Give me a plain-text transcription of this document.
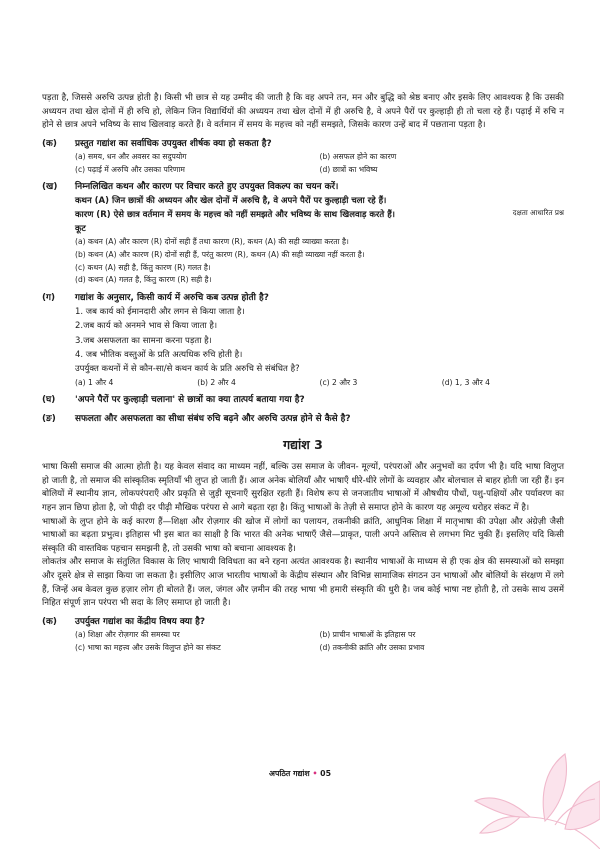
पड़ता है, जिससे अरुचि उत्पन्न होती है। किसी भी छात्र से यह उम्मीद की जाती है कि वह अपने तन, मन और बुद्धि को श्रेष्ठ बनाए और इसके लिए आवश्यक है कि उसकी अध्ययन तथा खेल दोनों में ही रुचि हो, लेकिन जिन विद्यार्थियों की अध्ययन तथा खेल दोनों में ही अरुचि है, वे अपने पैरों पर कुल्हाड़ी ही तो चला रहे हैं। पढ़ाई में रुचि न होने से छात्र अपने भविष्य के साथ खिलवाड़ करते हैं। वे वर्तमान में समय के महत्त्व को नहीं समझते, जिसके कारण उन्हें बाद में पछताना पड़ता है।

(क)	प्रस्तुत गद्यांश का सर्वाधिक उपयुक्त शीर्षक क्या हो सकता है?
(a) समय, धन और अवसर का सदुपयोग	(b) असफल होने का कारण
(c) पढ़ाई में अरुचि और उसका परिणाम	(d) छात्रों का भविष्य
(ख)	निम्नलिखित कथन और कारण पर विचार करते हुए उपयुक्त विकल्प का चयन करें।

कथन (A) जिन छात्रों की अध्ययन और खेल दोनों में अरुचि है, वे अपने पैरों पर कुल्हाड़ी चला रहे हैं।

कारण (R) ऐसे छात्र वर्तमान में समय के महत्त्व को नहीं समझते और भविष्य के साथ खिलवाड़ करते हैं।	दक्षता आधारित प्रश्न

कूट

(a) कथन (A) और कारण (R) दोनों सही हैं तथा कारण (R), कथन (A) की सही व्याख्या करता है।

(b) कथन (A) और कारण (R) दोनों सही हैं, परंतु कारण (R), कथन (A) की सही व्याख्या नहीं करता है।

(c) कथन (A) सही है, किंतु कारण (R) गलत है।

(d) कथन (A) गलत है, किंतु कारण (R) सही है।

(ग)	गद्यांश के अनुसार, किसी कार्य में अरुचि कब उत्पन्न होती है?

1. जब कार्य को ईमानदारी और लगन से किया जाता है।

2.जब कार्य को अनमने भाव से किया जाता है।

3.जब असफलता का सामना करना पड़ता है।

4. जब भौतिक वस्तुओं के प्रति अत्यधिक रुचि होती है।

उपर्युक्त कथनों में से कौन-सा/से कथन कार्य के प्रति अरुचि से संबंधित है?

(a) 1 और 4	(b) 2 और 4	(c) 2 और 3	(d) 1, 3 और 4
(घ)	'अपने पैरों पर कुल्हाड़ी चलाना' से छात्रों का क्या तात्पर्य बताया गया है?
(ङ)	सफलता और असफलता का सीधा संबंध रुचि बढ़ने और अरुचि उत्पन्न होने से कैसे है?
गद्यांश 3

भाषा किसी समाज की आत्मा होती है। यह केवल संवाद का माध्यम नहीं, बल्कि उस समाज के जीवन- मूल्यों, परंपराओं और अनुभवों का दर्पण भी है। यदि भाषा विलुप्त हो जाती है, तो समाज की सांस्कृतिक स्मृतियाँ भी लुप्त हो जाती हैं। आज अनेक बोलियाँ और भाषाएँ धीरे-धीरे लोगों के व्यवहार और बोलचाल से बाहर होती जा रही हैं। इन बोलियों में स्थानीय ज्ञान, लोकपरंपराएँ और प्रकृति से जुड़ी सूचनाएँ सुरक्षित रहती हैं। विशेष रूप से जनजातीय भाषाओं में औषधीय पौधों, पशु-पक्षियों और पर्यावरण का गहन ज्ञान छिपा होता है, जो पीढ़ी दर पीढ़ी मौखिक परंपरा से आगे बढ़ता रहा है। किंतु भाषाओं के तेज़ी से समाप्त होने के कारण यह अमूल्य धरोहर संकट में है।

भाषाओं के लुप्त होने के कई कारण हैं—शिक्षा और रोज़गार की खोज में लोगों का पलायन, तकनीकी क्रांति, आधुनिक शिक्षा में मातृभाषा की उपेक्षा और अंग्रेज़ी जैसी भाषाओं का बढ़ता प्रभुत्व। इतिहास भी इस बात का साक्षी है कि भारत की अनेक भाषाएँ जैसे—प्राकृत, पाली अपने अस्तित्व से लगभग मिट चुकी हैं। इसलिए यदि किसी संस्कृति की वास्तविक पहचान समझनी है, तो उसकी भाषा को बचाना आवश्यक है।

लोकतंत्र और समाज के संतुलित विकास के लिए भाषायी विविधता का बने रहना अत्यंत आवश्यक है। स्थानीय भाषाओं के माध्यम से ही एक क्षेत्र की समस्याओं को समझा और दूसरे क्षेत्र से साझा किया जा सकता है। इसीलिए आज भारतीय भाषाओं के केंद्रीय संस्थान और विभिन्न सामाजिक संगठन उन भाषाओं और बोलियों के संरक्षण में लगे हैं, जिन्हें अब केवल कुछ हज़ार लोग ही बोलते हैं। जल, जंगल और ज़मीन की तरह भाषा भी हमारी संस्कृति की धुरी है। जब कोई भाषा नष्ट होती है, तो उसके साथ उसमें निहित संपूर्ण ज्ञान परंपरा भी सदा के लिए समाप्त हो जाती है।

(क)	उपर्युक्त गद्यांश का केंद्रीय विषय क्या है?
(a) शिक्षा और रोज़गार की समस्या पर	(b) प्राचीन भाषाओं के इतिहास पर
(c) भाषा का महत्त्व और उसके विलुप्त होने का संकट	(d) तकनीकी क्रांति और उसका प्रभाव
अपठित गद्यांश • 05
